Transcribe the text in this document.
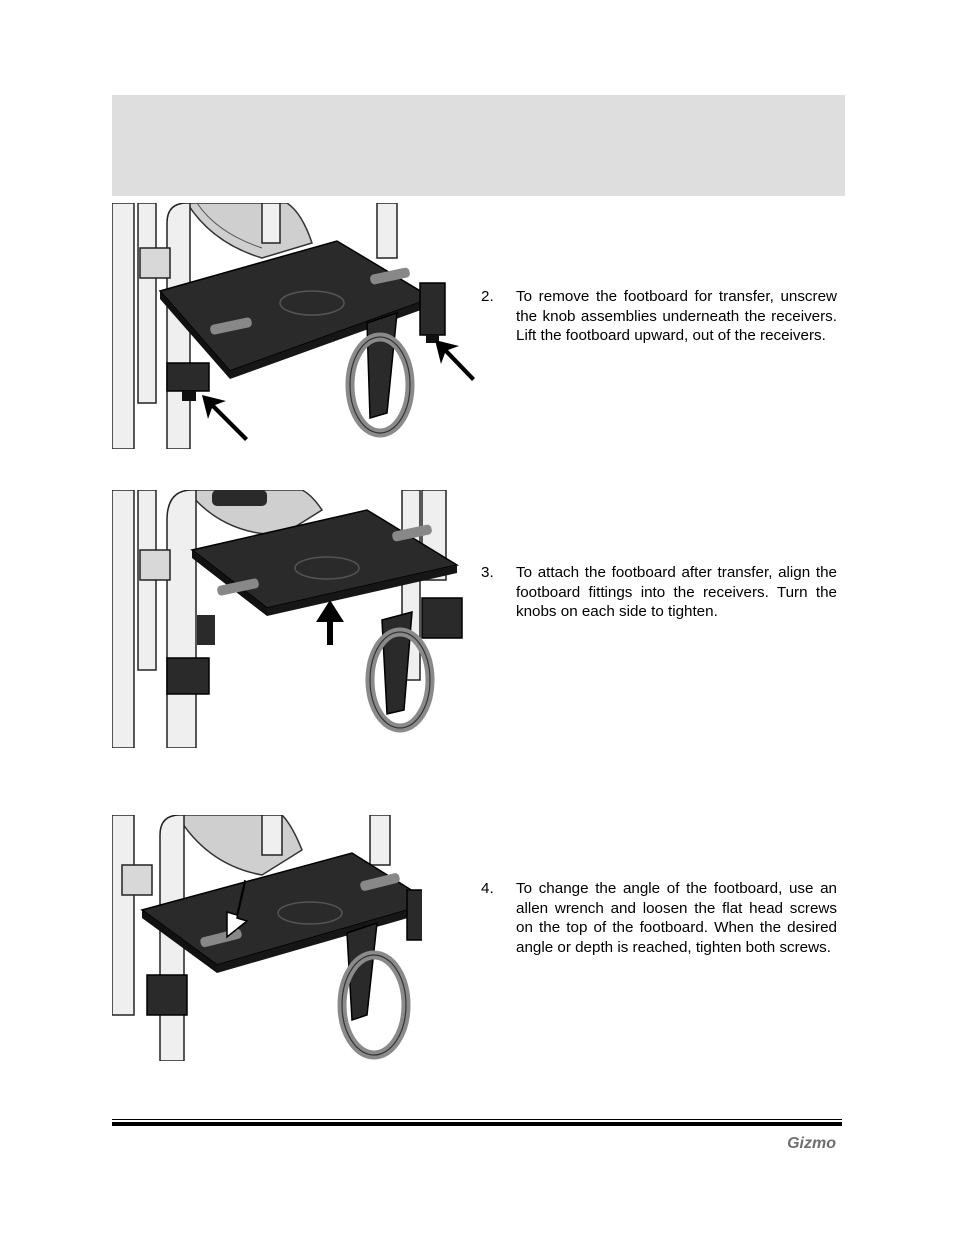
2. To remove the footboard for transfer, unscrew the knob assemblies underneath the receivers. Lift the footboard upward, out of the receivers.
3. To attach the footboard after transfer, align the footboard fittings into the receivers. Turn the knobs on each side to tighten.
4. To change the angle of the footboard, use an allen wrench and loosen the flat head screws on the top of the footboard. When the desired angle or depth is reached, tighten both screws.
Gizmo
